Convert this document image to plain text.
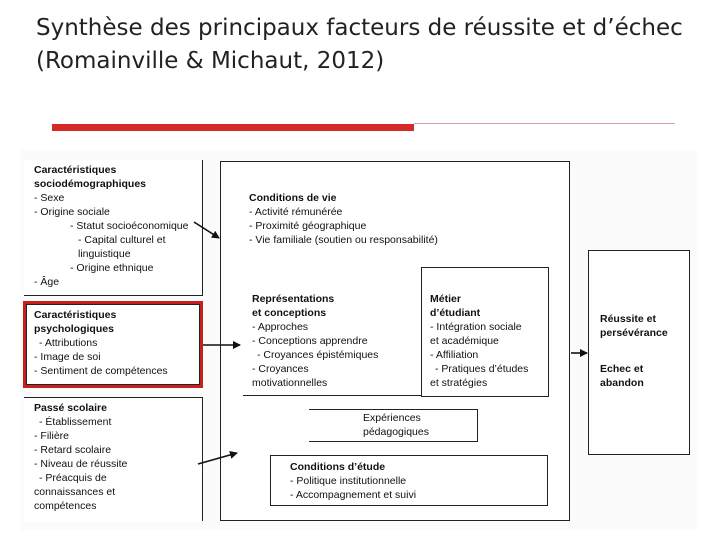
Synthèse des principaux facteurs de réussite et d’échec
(Romainville & Michaut, 2012)
Caractéristiques
sociodémographiques
- Sexe
- Origine sociale
- Statut socioéconomique
- Capital culturel et
linguistique
- Origine ethnique
- Âge
Caractéristiques
psychologiques
- Attributions
- Image de soi
- Sentiment de compétences
Passé scolaire
- Établissement
- Filière
- Retard scolaire
- Niveau de réussite
- Préacquis de
connaissances et
compétences
Conditions de vie
- Activité rémunérée
- Proximité géographique
- Vie familiale (soutien ou responsabilité)
Représentations
et conceptions
- Approches
- Conceptions apprendre
- Croyances épistémiques
- Croyances
motivationnelles
Métier
d’étudiant
- Intégration sociale
et académique
- Affiliation
- Pratiques d’études
et stratégies
Expériences
pédagogiques
Conditions d’étude
- Politique institutionnelle
- Accompagnement et suivi
Réussite et
persévérance
Echec et
abandon
